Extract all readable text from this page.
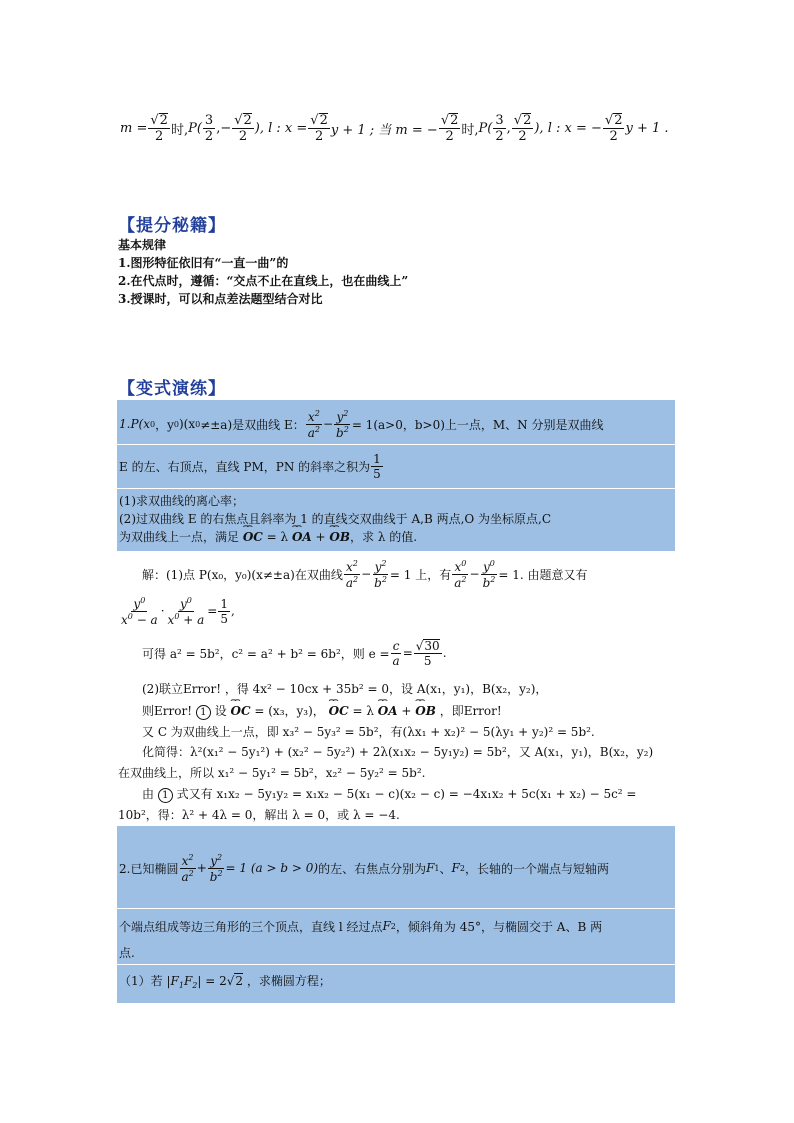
$m = \frac{√2}{2}$ 时, $P( \frac{3}{2}$ ,− $\frac{√2}{2}$ ), l : $x = \frac{√2}{2}$ y + 1 ; 当 m = − $\frac{√2}{2}$ 时, $P( \frac{3}{2}$ , $\frac{√2}{2}$ ), l : x = − $\frac{√2}{2}$ y + 1 .
【提分秘籍】
基本规律
1.图形特征依旧有“一直一曲”的
2.在代点时，遵循：“交点不止在直线上，也在曲线上”
3.授课时，可以和点差法题型结合对比
【变式演练】
1.P(x 0 ，y 0 )(x 0 ≠±a)是双曲线 E： $\frac{x^2}{a^2} - \frac{y^2}{b^2} = 1(a>0$，b>0)上一点，M、N 分别是双曲线
E 的左、右顶点，直线 PM，PN 的斜率之积为 $\frac{1}{5}$
(1)求双曲线的离心率；
(2)过双曲线 E 的右焦点且斜率为 1 的直线交双曲线于 A,B 两点,O 为坐标原点,C
为双曲线上一点，满足 ⌢⌢ OC = λ ⌢⌢ OA + ⌢⌢ OB，求 λ 的值.
解：(1)点 P(x₀，y₀)(x≠±a)在双曲线 $\frac{x^2}{a^2} - \frac{y^2}{b^2} = 1$ 上，有 $\frac{x^0}{a^2} - \frac{y^0}{b^2} = 1$. 由题意又有
$\frac{y^0}{x^0 - a} \cdot \frac{y^0}{x^0 + a} = \frac{1}{5}$ ,
可得 a² = 5b²，c² = a² + b² = 6b²，则 $e = \frac{c}{a} = \frac{√30}{5}$ .
(2)联立Error! ，得 4x² − 10cx + 35b² = 0，设 A(x₁，y₁)，B(x₂，y₂)，
则Error! 1 设 ⌢⌢ OC = (x₃，y₃)， ⌢⌢ OC = λ ⌢⌢ OA + ⌢⌢ OB ，即Error!
又 C 为双曲线上一点，即 x₃² − 5y₃² = 5b²，有(λx₁ + x₂)² − 5(λy₁ + y₂)² = 5b².
化简得：λ²(x₁² − 5y₁²) + (x₂² − 5y₂²) + 2λ(x₁x₂ − 5y₁y₂) = 5b²，又 A(x₁，y₁)，B(x₂，y₂)
在双曲线上，所以 x₁² − 5y₁² = 5b²，x₂² − 5y₂² = 5b².
由 1 式又有 x₁x₂ − 5y₁y₂ = x₁x₂ − 5(x₁ − c)(x₂ − c) = −4x₁x₂ + 5c(x₁ + x₂) − 5c² =
10b²，得：λ² + 4λ = 0，解出 λ = 0，或 λ = −4.
2.已知椭圆 $\frac{x^2}{a^2} + \frac{y^2}{b^2} = 1$ (a > b > 0) 的左、右焦点分别为 F 1 、 F 2 ，长轴的一个端点与短轴两
个端点组成等边三角形的三个顶点，直线 l 经过点 F 2 ，倾斜角为 45°，与椭圆交于 A、B 两
点.
（1）若 $|F_1F_2| = 2√2$ ，求椭圆方程；
